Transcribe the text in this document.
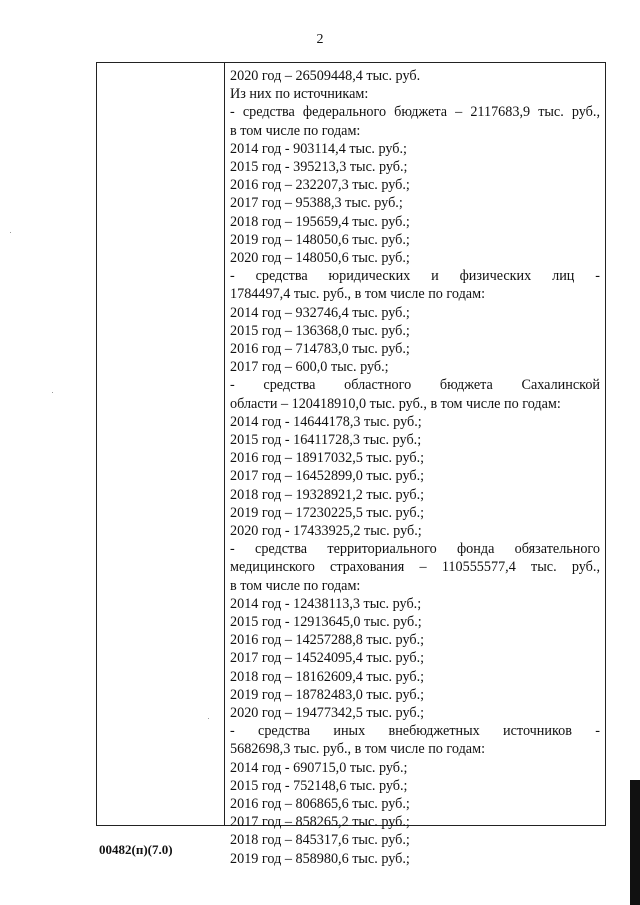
2
2020 год – 26509448,4 тыс. руб.
Из них по источникам:
- средства федерального бюджета – 2117683,9 тыс. руб.,
в том числе по годам:
2014 год - 903114,4 тыс. руб.;
2015 год - 395213,3 тыс. руб.;
2016 год – 232207,3 тыс. руб.;
2017 год – 95388,3 тыс. руб.;
2018 год – 195659,4 тыс. руб.;
2019 год – 148050,6 тыс. руб.;
2020 год – 148050,6 тыс. руб.;
- средства юридических и физических лиц -
1784497,4 тыс. руб., в том числе по годам:
2014 год – 932746,4 тыс. руб.;
2015 год – 136368,0 тыс. руб.;
2016 год – 714783,0 тыс. руб.;
2017 год – 600,0 тыс. руб.;
- средства областного бюджета Сахалинской
области – 120418910,0 тыс. руб., в том числе по годам:
2014 год - 14644178,3 тыс. руб.;
2015 год - 16411728,3 тыс. руб.;
2016 год – 18917032,5 тыс. руб.;
2017 год – 16452899,0 тыс. руб.;
2018 год – 19328921,2 тыс. руб.;
2019 год – 17230225,5 тыс. руб.;
2020 год - 17433925,2 тыс. руб.;
- средства территориального фонда обязательного
медицинского страхования – 110555577,4 тыс. руб.,
в том числе по годам:
2014 год - 12438113,3 тыс. руб.;
2015 год - 12913645,0 тыс. руб.;
2016 год – 14257288,8 тыс. руб.;
2017 год – 14524095,4 тыс. руб.;
2018 год – 18162609,4 тыс. руб.;
2019 год – 18782483,0 тыс. руб.;
2020 год – 19477342,5 тыс. руб.;
- средства иных внебюджетных источников -
5682698,3 тыс. руб., в том числе по годам:
2014 год - 690715,0 тыс. руб.;
2015 год - 752148,6 тыс. руб.;
2016 год – 806865,6 тыс. руб.;
2017 год – 858265,2 тыс. руб.;
2018 год – 845317,6 тыс. руб.;
2019 год – 858980,6 тыс. руб.;
00482(п)(7.0)
